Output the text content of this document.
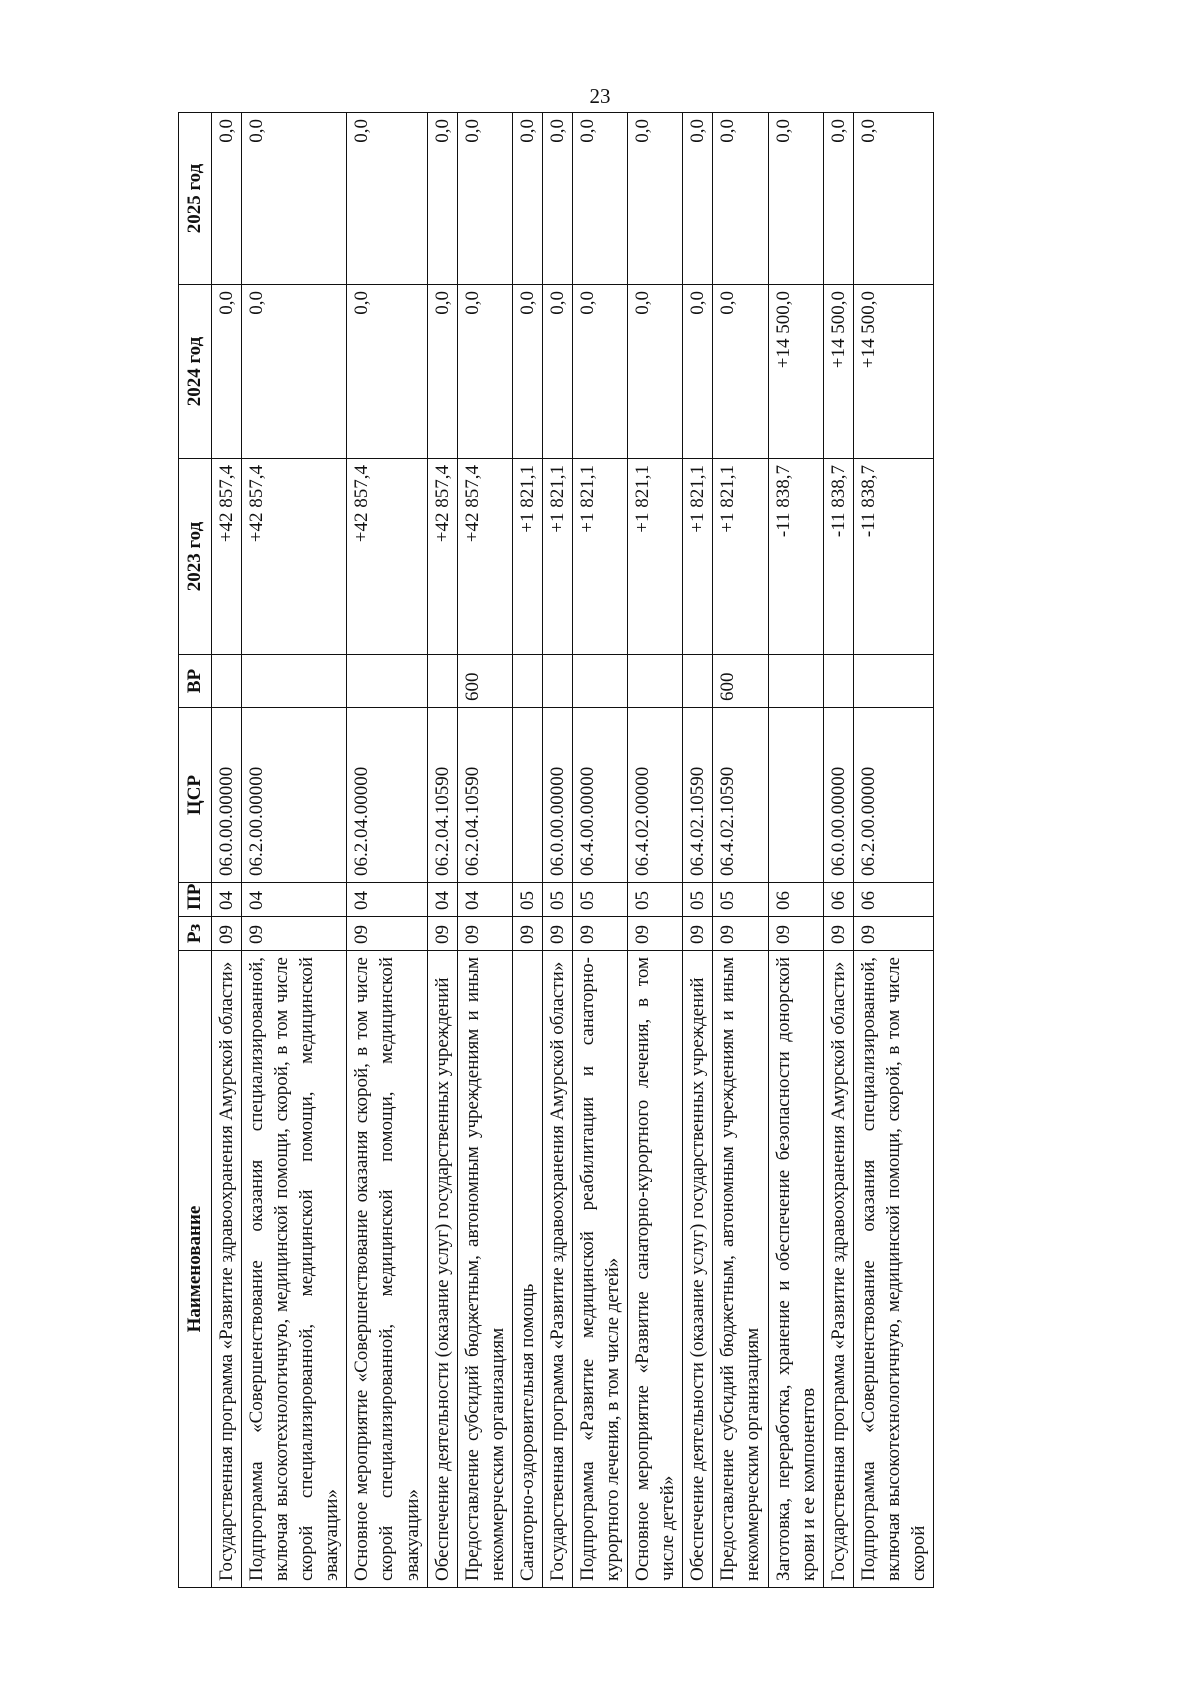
23
Наименование	Рз	ПР	ЦСР	ВР	2023 год	2024 год	2025 год
Государственная программа «Развитие здравоохранения Амурской области»	09	04	06.0.00.00000		+42 857,4	0,0	0,0
Подпрограмма «Совершенствование оказания специализированной, включая высокотехнологичную, медицинской помощи, скорой, в том числе скорой специализированной, медицинской помощи, медицинской эвакуации»	09	04	06.2.00.00000		+42 857,4	0,0	0,0
Основное мероприятие «Совершенствование оказания скорой, в том числе скорой специализированной, медицинской помощи, медицинской эвакуации»	09	04	06.2.04.00000		+42 857,4	0,0	0,0
Обеспечение деятельности (оказание услуг) государственных учреждений	09	04	06.2.04.10590		+42 857,4	0,0	0,0
Предоставление субсидий бюджетным, автономным учреждениям и иным некоммерческим организациям	09	04	06.2.04.10590	600	+42 857,4	0,0	0,0
Санаторно-оздоровительная помощь	09	05			+1 821,1	0,0	0,0
Государственная программа «Развитие здравоохранения Амурской области»	09	05	06.0.00.00000		+1 821,1	0,0	0,0
Подпрограмма «Развитие медицинской реабилитации и санаторно-курортного лечения, в том числе детей»	09	05	06.4.00.00000		+1 821,1	0,0	0,0
Основное мероприятие «Развитие санаторно-курортного лечения, в том числе детей»	09	05	06.4.02.00000		+1 821,1	0,0	0,0
Обеспечение деятельности (оказание услуг) государственных учреждений	09	05	06.4.02.10590		+1 821,1	0,0	0,0
Предоставление субсидий бюджетным, автономным учреждениям и иным некоммерческим организациям	09	05	06.4.02.10590	600	+1 821,1	0,0	0,0
Заготовка, переработка, хранение и обеспечение безопасности донорской крови и ее компонентов	09	06			-11 838,7	+14 500,0	0,0
Государственная программа «Развитие здравоохранения Амурской области»	09	06	06.0.00.00000		-11 838,7	+14 500,0	0,0
Подпрограмма «Совершенствование оказания специализированной, включая высокотехнологичную, медицинской помощи, скорой, в том числе скорой	09	06	06.2.00.00000		-11 838,7	+14 500,0	0,0
